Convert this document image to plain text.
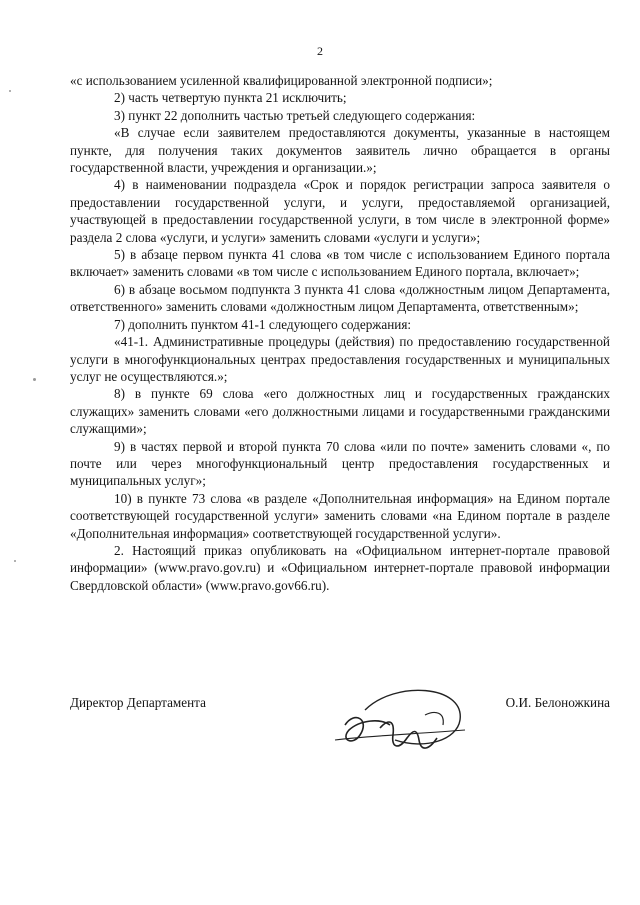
2

«с использованием усиленной квалифицированной электронной подписи»;

2) часть четвертую пункта 21 исключить;

3) пункт 22 дополнить частью третьей следующего содержания:

«В случае если заявителем предоставляются документы, указанные в настоящем пункте, для получения таких документов заявитель лично обращается в органы государственной власти, учреждения и организации.»;

4) в наименовании подраздела «Срок и порядок регистрации запроса заявителя о предоставлении государственной услуги, и услуги, предоставляемой организацией, участвующей в предоставлении государственной услуги, в том числе в электронной форме» раздела 2 слова «услуги, и услуги» заменить словами «услуги и услуги»;

5) в абзаце первом пункта 41 слова «в том числе с использованием Единого портала включает» заменить словами «в том числе с использованием Единого портала, включает»;

6) в абзаце восьмом подпункта 3 пункта 41 слова «должностным лицом Департамента, ответственного» заменить словами «должностным лицом Департамента, ответственным»;

7) дополнить пунктом 41-1 следующего содержания:

«41-1. Административные процедуры (действия) по предоставлению государственной услуги в многофункциональных центрах предоставления государственных и муниципальных услуг не осуществляются.»;

8) в пункте 69 слова «его должностных лиц и государственных гражданских служащих» заменить словами «его должностными лицами и государственными гражданскими служащими»;

9) в частях первой и второй пункта 70 слова «или по почте» заменить словами «, по почте или через многофункциональный центр предоставления государственных и муниципальных услуг»;

10) в пункте 73 слова «в разделе «Дополнительная информация» на Едином портале соответствующей государственной услуги» заменить словами «на Едином портале в разделе «Дополнительная информация» соответствующей государственной услуги».

2. Настоящий приказ опубликовать на «Официальном интернет-портале правовой информации» (www.pravo.gov.ru) и «Официальном интернет-портале правовой информации Свердловской области» (www.pravo.gov66.ru).

Директор Департамента	О.И. Белоножкина
